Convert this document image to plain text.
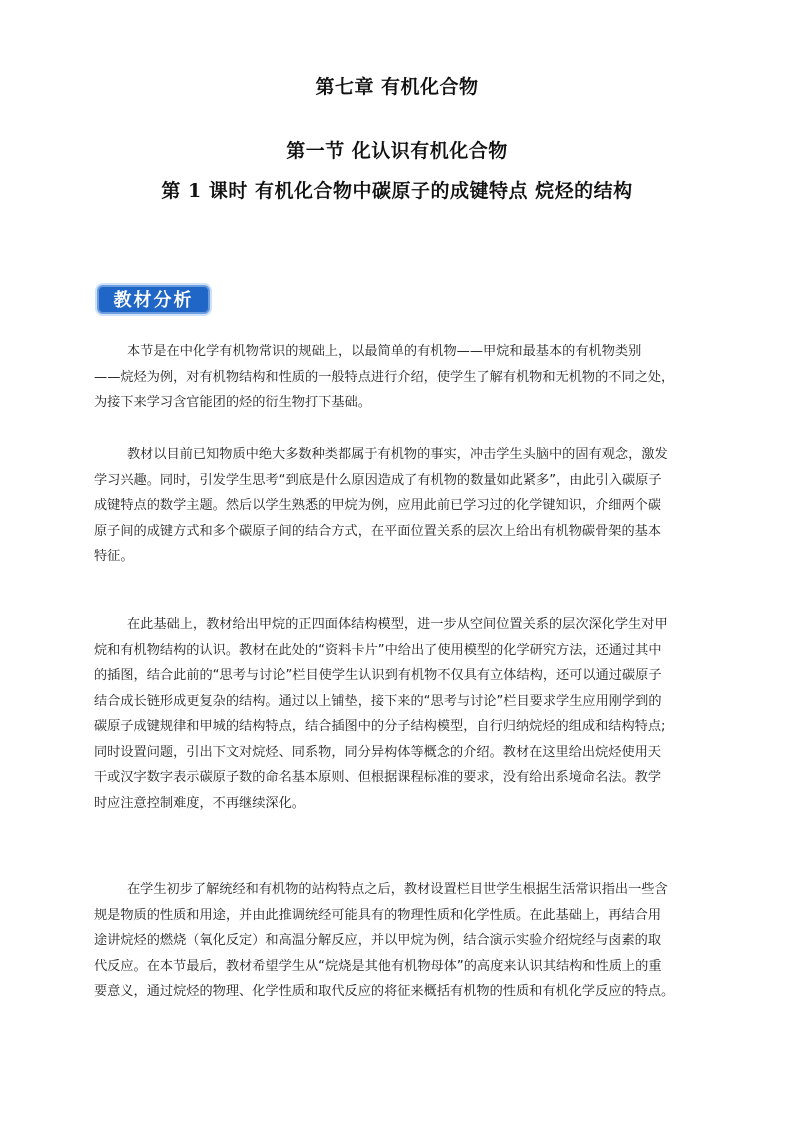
第七章 有机化合物
第一节 化认识有机化合物
第 1 课时 有机化合物中碳原子的成键特点 烷烃的结构
教材分析
本节是在中化学有机物常识的规础上，以最简单的有机物——甲烷和最基本的有机物类别
——烷烃为例，对有机物结构和性质的一般特点进行介绍，使学生了解有机物和无机物的不同之处，
为接下来学习含官能团的烃的衍生物打下基础。
教材以目前已知物质中绝大多数种类都属于有机物的事实，冲击学生头脑中的固有观念，激发
学习兴趣。同时，引发学生思考“到底是什么原因造成了有机物的数量如此紧多”，由此引入碳原子
成键特点的数学主题。然后以学生熟悉的甲烷为例，应用此前已学习过的化学键知识，介细两个碳
原子间的成键方式和多个碳原子间的结合方式，在平面位置关系的层次上给出有机物碳骨架的基本
特征。
在此基础上，教材给出甲烷的正四面体结构模型，进一步从空间位置关系的层次深化学生对甲
烷和有机物结构的认识。教材在此处的“资料卡片”中给出了使用模型的化学研究方法，还通过其中
的插图，结合此前的“思考与讨论”栏目使学生认识到有机物不仅具有立体结构，还可以通过碳原子
结合成长链形成更复杂的结构。通过以上铺垫，接下来的“思考与讨论”栏目要求学生应用刚学到的
碳原子成键规律和甲城的结构特点，结合插图中的分子结构模型，自行归纳烷烃的组成和结构特点;
同时设置问题，引出下文对烷烃、同系物，同分异构体等概念的介绍。教材在这里给出烷烃使用天
干或汉字数字表示碳原子数的命名基本原则、但根据课程标准的要求，没有给出系境命名法。教学
时应注意控制难度，不再继续深化。
在学生初步了解统经和有机物的站构特点之后，教材设置栏目世学生根据生活常识指出一些含
规是物质的性质和用途，并由此推调统经可能具有的物理性质和化学性质。在此基础上，再结合用
途讲烷烃的燃烧（氧化反定）和高温分解反应，并以甲烷为例，结合演示实验介绍烷经与卤素的取
代反应。在本节最后，教材希望学生从“烷烧是其他有机物母体”的高度来认识其结构和性质上的重
要意义，通过烷烃的物理、化学性质和取代反应的将征来概括有机物的性质和有机化学反应的特点。
